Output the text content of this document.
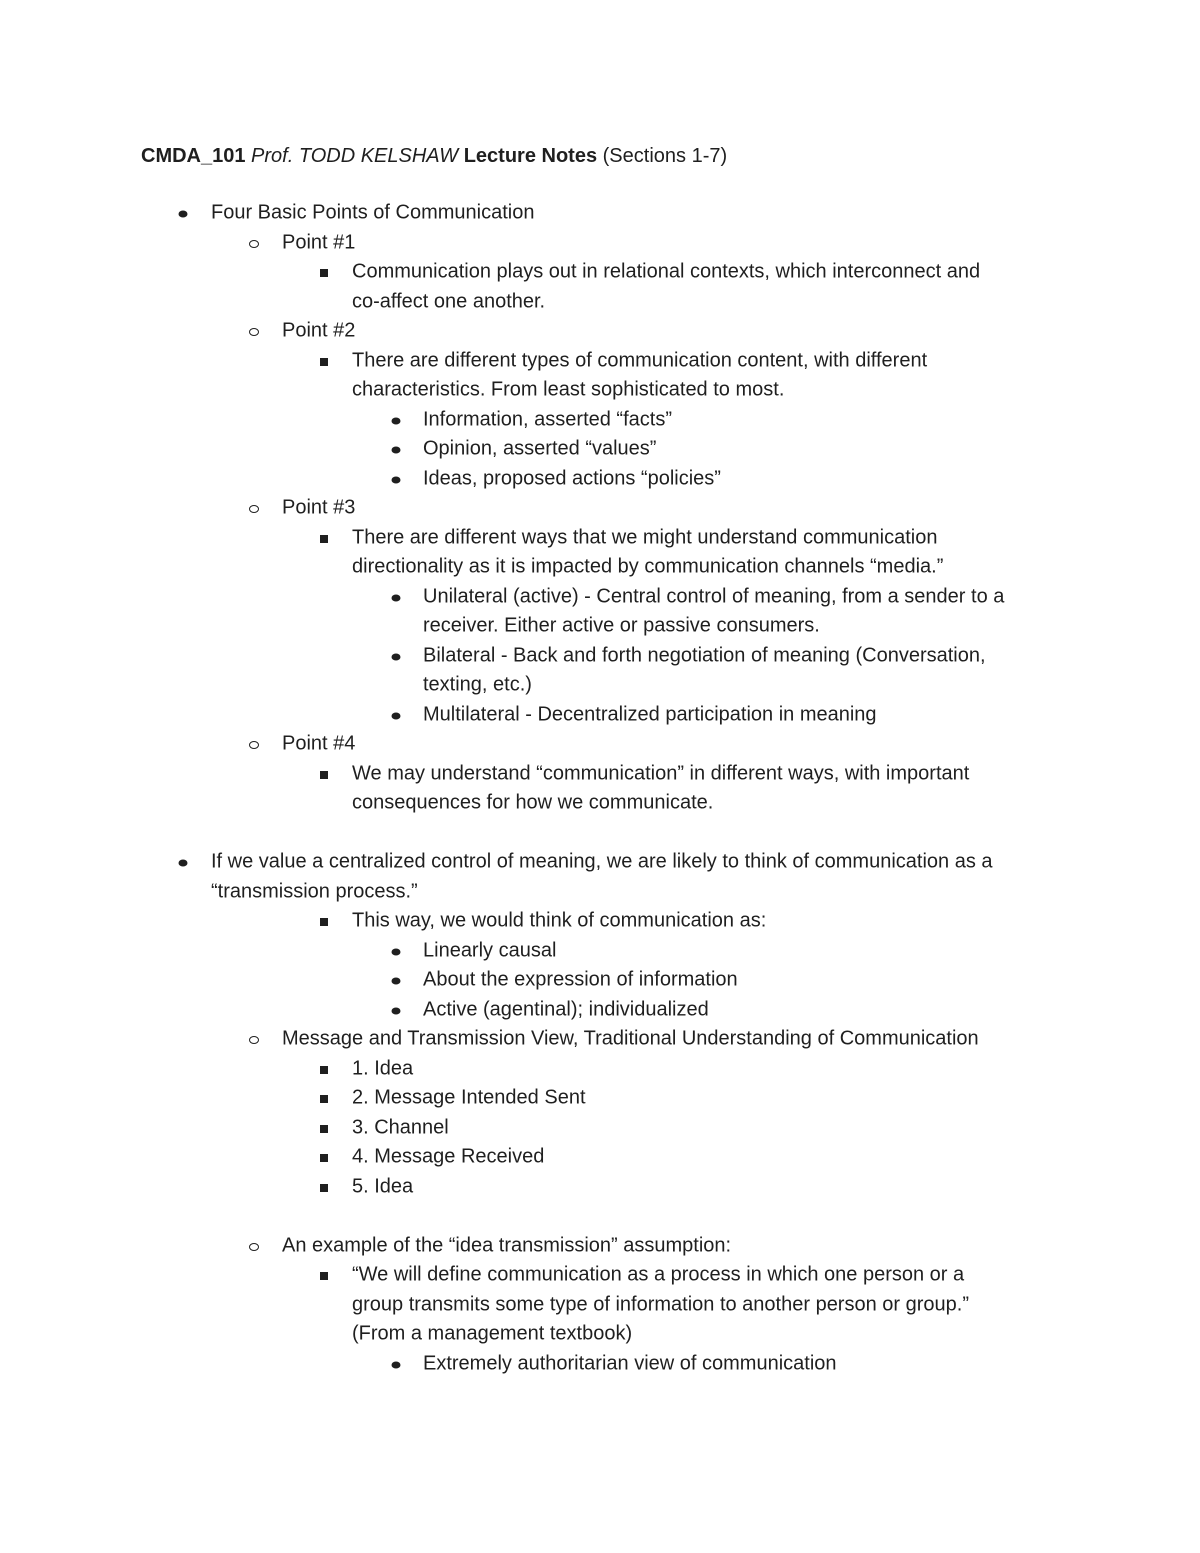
CMDA_101 Prof. TODD KELSHAW Lecture Notes (Sections 1-7)
Four Basic Points of Communication
Point #1
Communication plays out in relational contexts, which interconnect and
co-affect one another.
Point #2
There are different types of communication content, with different
characteristics. From least sophisticated to most.
Information, asserted “facts”
Opinion, asserted “values”
Ideas, proposed actions “policies”
Point #3
There are different ways that we might understand communication
directionality as it is impacted by communication channels “media.”
Unilateral (active) - Central control of meaning, from a sender to a
receiver. Either active or passive consumers.
Bilateral - Back and forth negotiation of meaning (Conversation,
texting, etc.)
Multilateral - Decentralized participation in meaning
Point #4
We may understand “communication” in different ways, with important
consequences for how we communicate.
If we value a centralized control of meaning, we are likely to think of communication as a
“transmission process.”
This way, we would think of communication as:
Linearly causal
About the expression of information
Active (agentinal); individualized
Message and Transmission View, Traditional Understanding of Communication
1. Idea
2. Message Intended Sent
3. Channel
4. Message Received
5. Idea
An example of the “idea transmission” assumption:
“We will define communication as a process in which one person or a
group transmits some type of information to another person or group.”
(From a management textbook)
Extremely authoritarian view of communication
